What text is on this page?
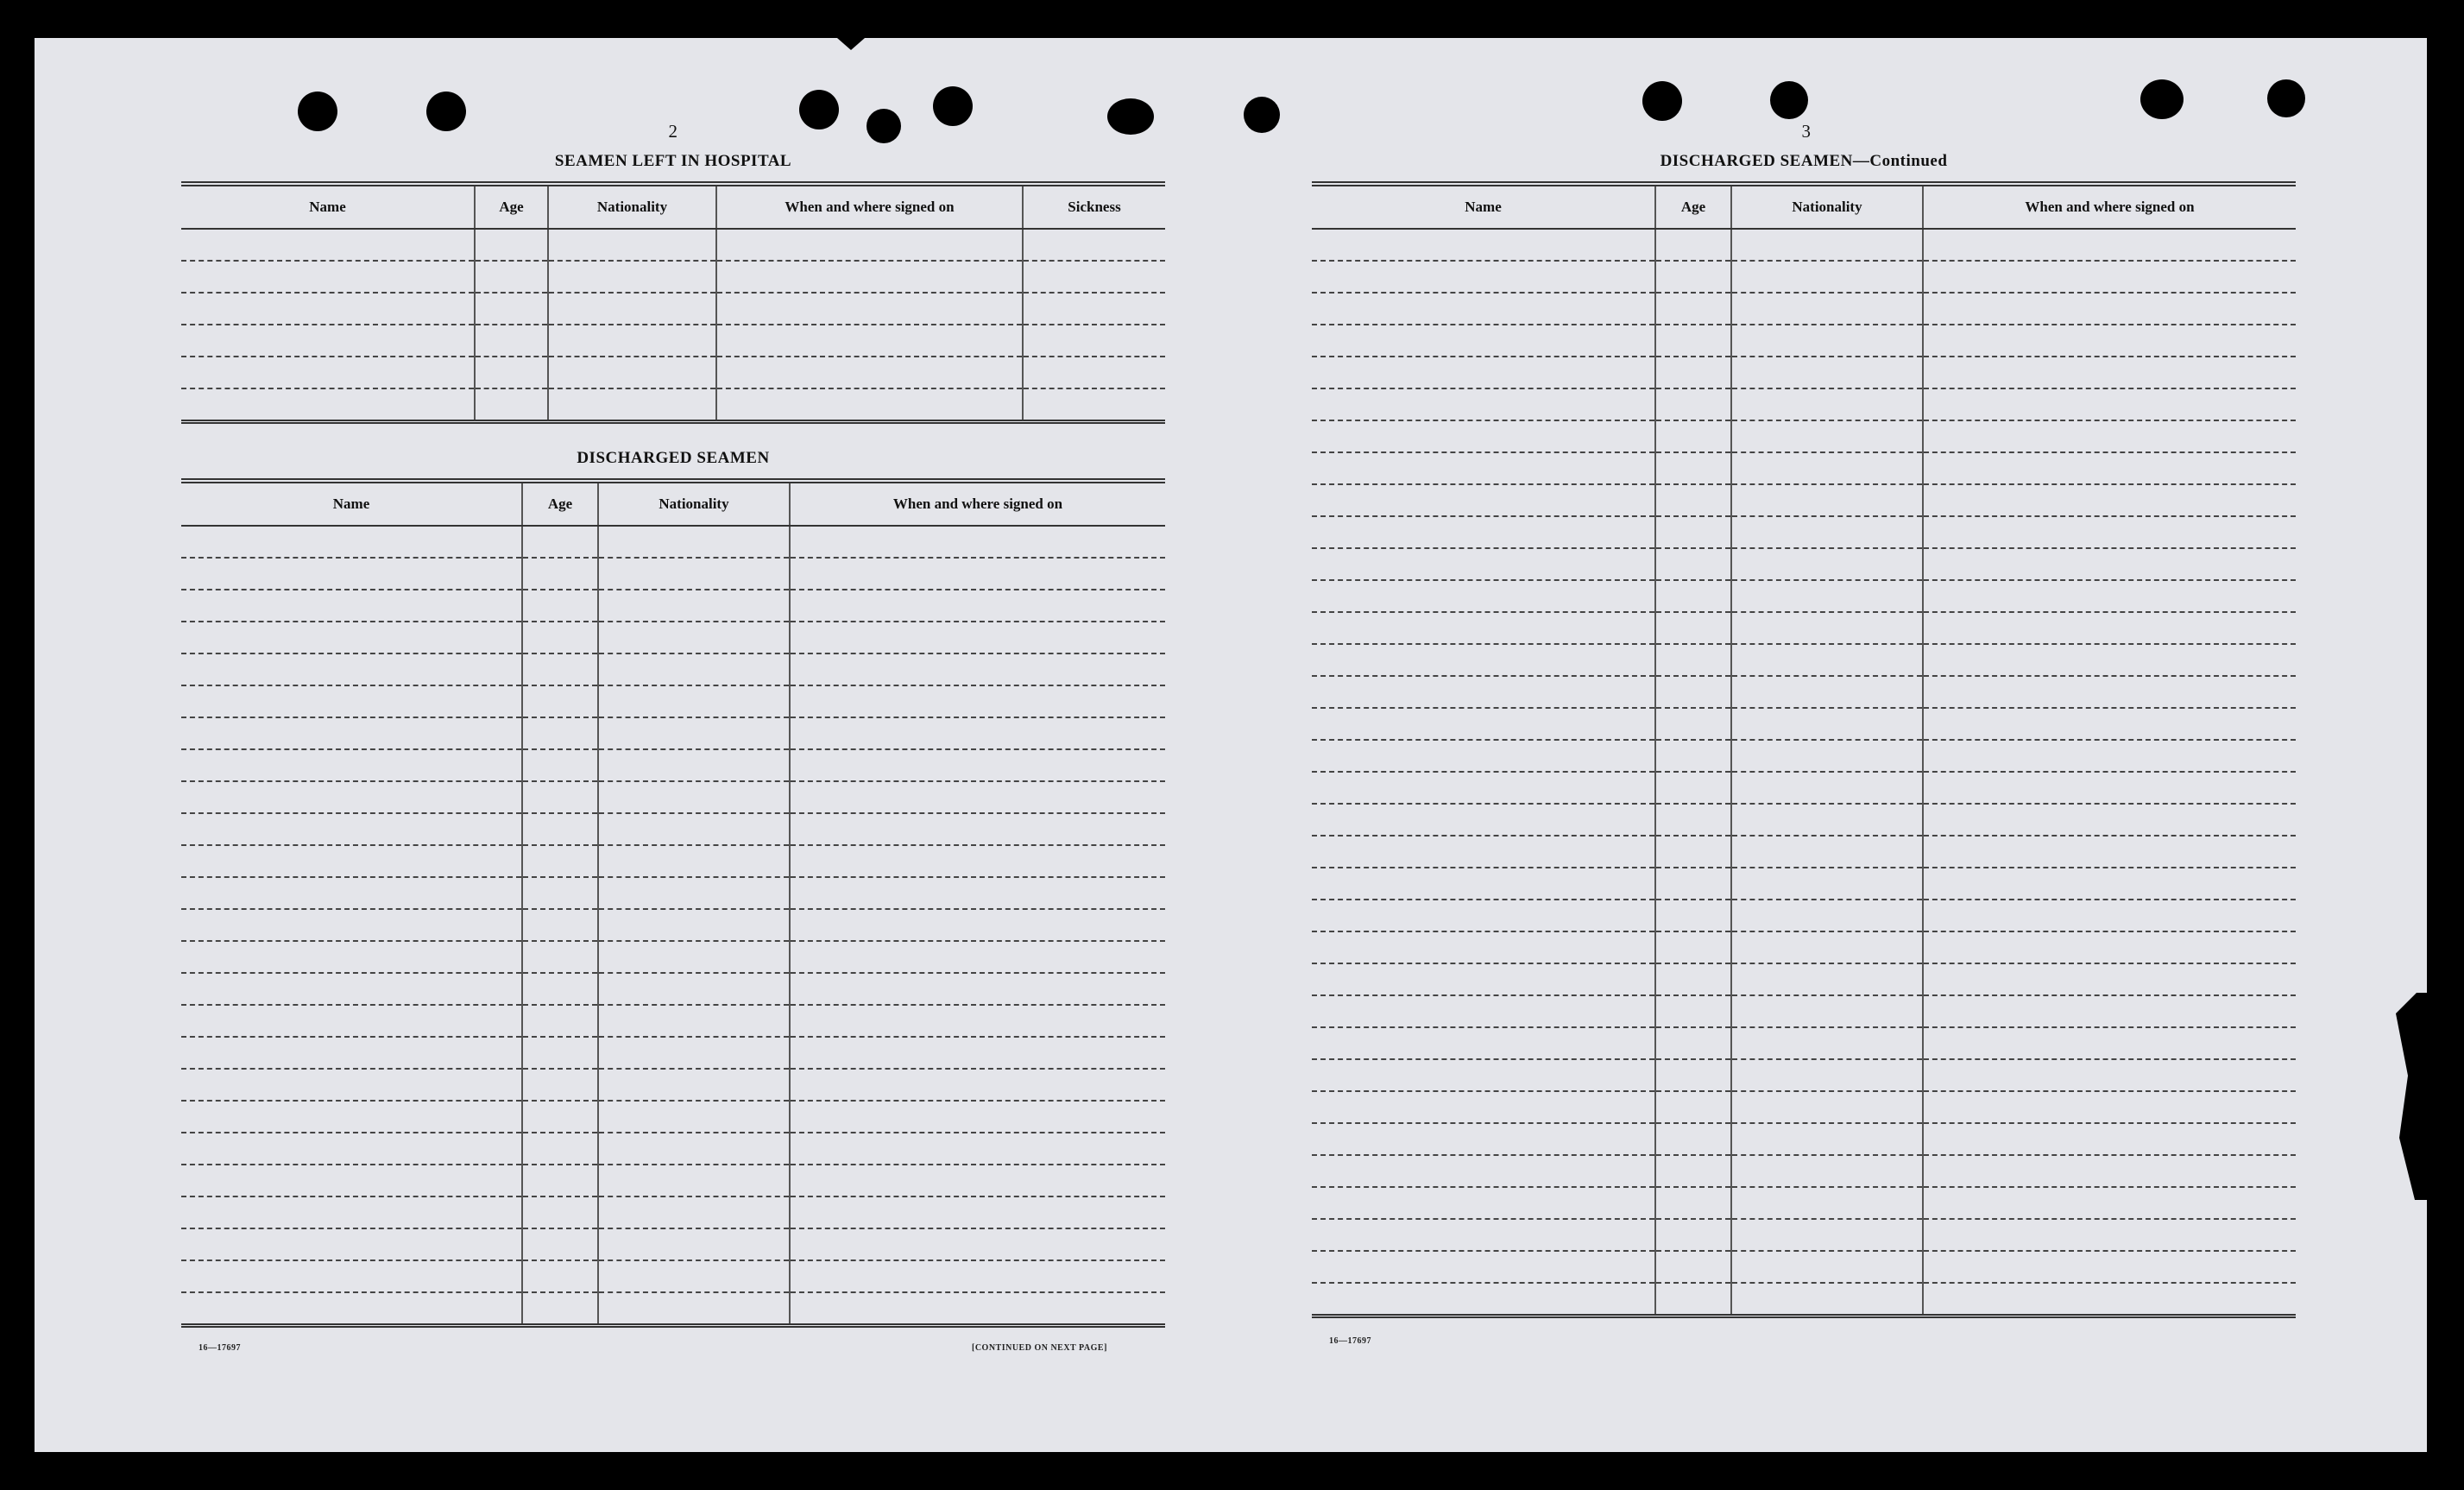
2
SEAMEN LEFT IN HOSPITAL
Name	Age	Nationality	When and where signed on	Sickness

DISCHARGED SEAMEN
Name	Age	Nationality	When and where signed on

16—17697	[CONTINUED ON NEXT PAGE]
3
DISCHARGED SEAMEN—Continued
Name	Age	Nationality	When and where signed on

16—17697
